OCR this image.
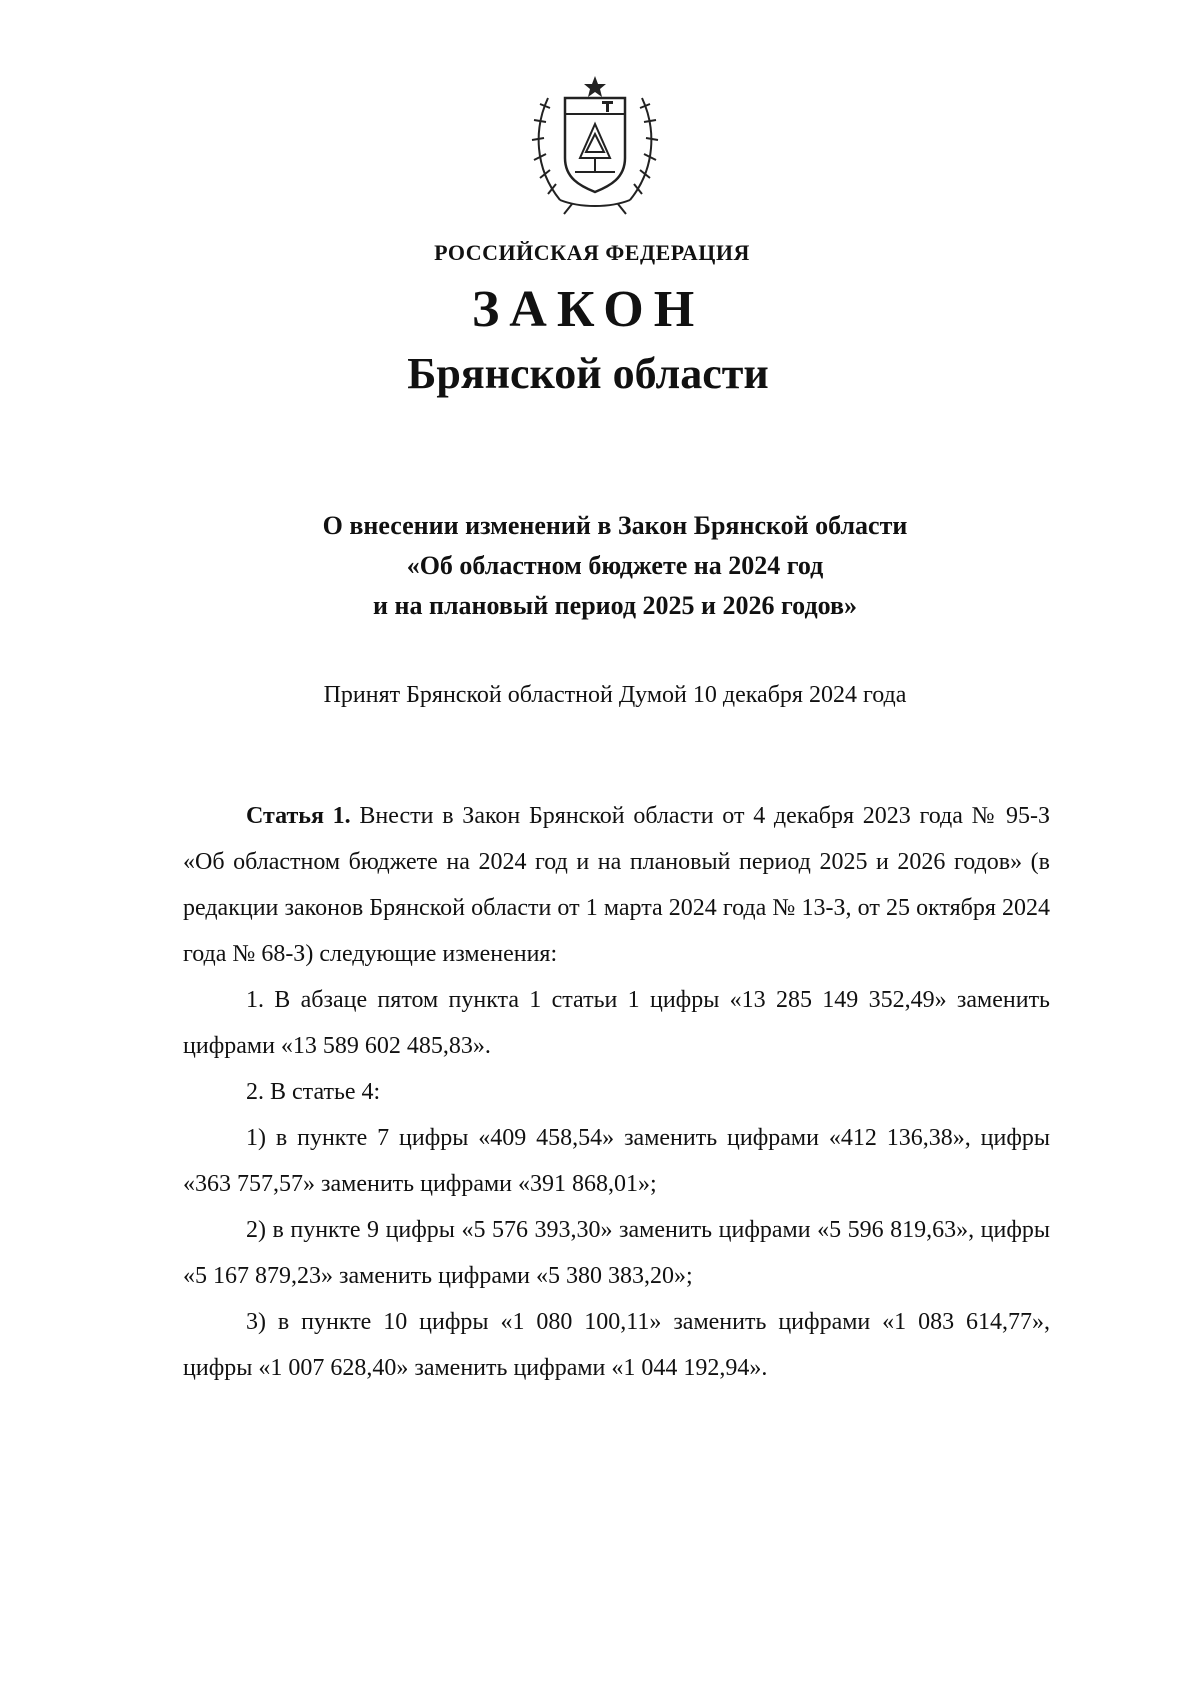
РОССИЙСКАЯ ФЕДЕРАЦИЯ
ЗАКОН
Брянской области
О внесении изменений в Закон Брянской области
«Об областном бюджете на 2024 год
и на плановый период 2025 и 2026 годов»
Принят Брянской областной Думой 10 декабря 2024 года

Статья 1. Внести в Закон Брянской области от 4 декабря 2023 года № 95-З «Об областном бюджете на 2024 год и на плановый период 2025 и 2026 годов» (в редакции законов Брянской области от 1 марта 2024 года № 13-З, от 25 октября 2024 года № 68-З) следующие изменения:

1. В абзаце пятом пункта 1 статьи 1 цифры «13 285 149 352,49» заменить цифрами «13 589 602 485,83».

2. В статье 4:

1) в пункте 7 цифры «409 458,54» заменить цифрами «412 136,38», цифры «363 757,57» заменить цифрами «391 868,01»;

2) в пункте 9 цифры «5 576 393,30» заменить цифрами «5 596 819,63», цифры «5 167 879,23» заменить цифрами «5 380 383,20»;

3) в пункте 10 цифры «1 080 100,11» заменить цифрами «1 083 614,77», цифры «1 007 628,40» заменить цифрами «1 044 192,94».
